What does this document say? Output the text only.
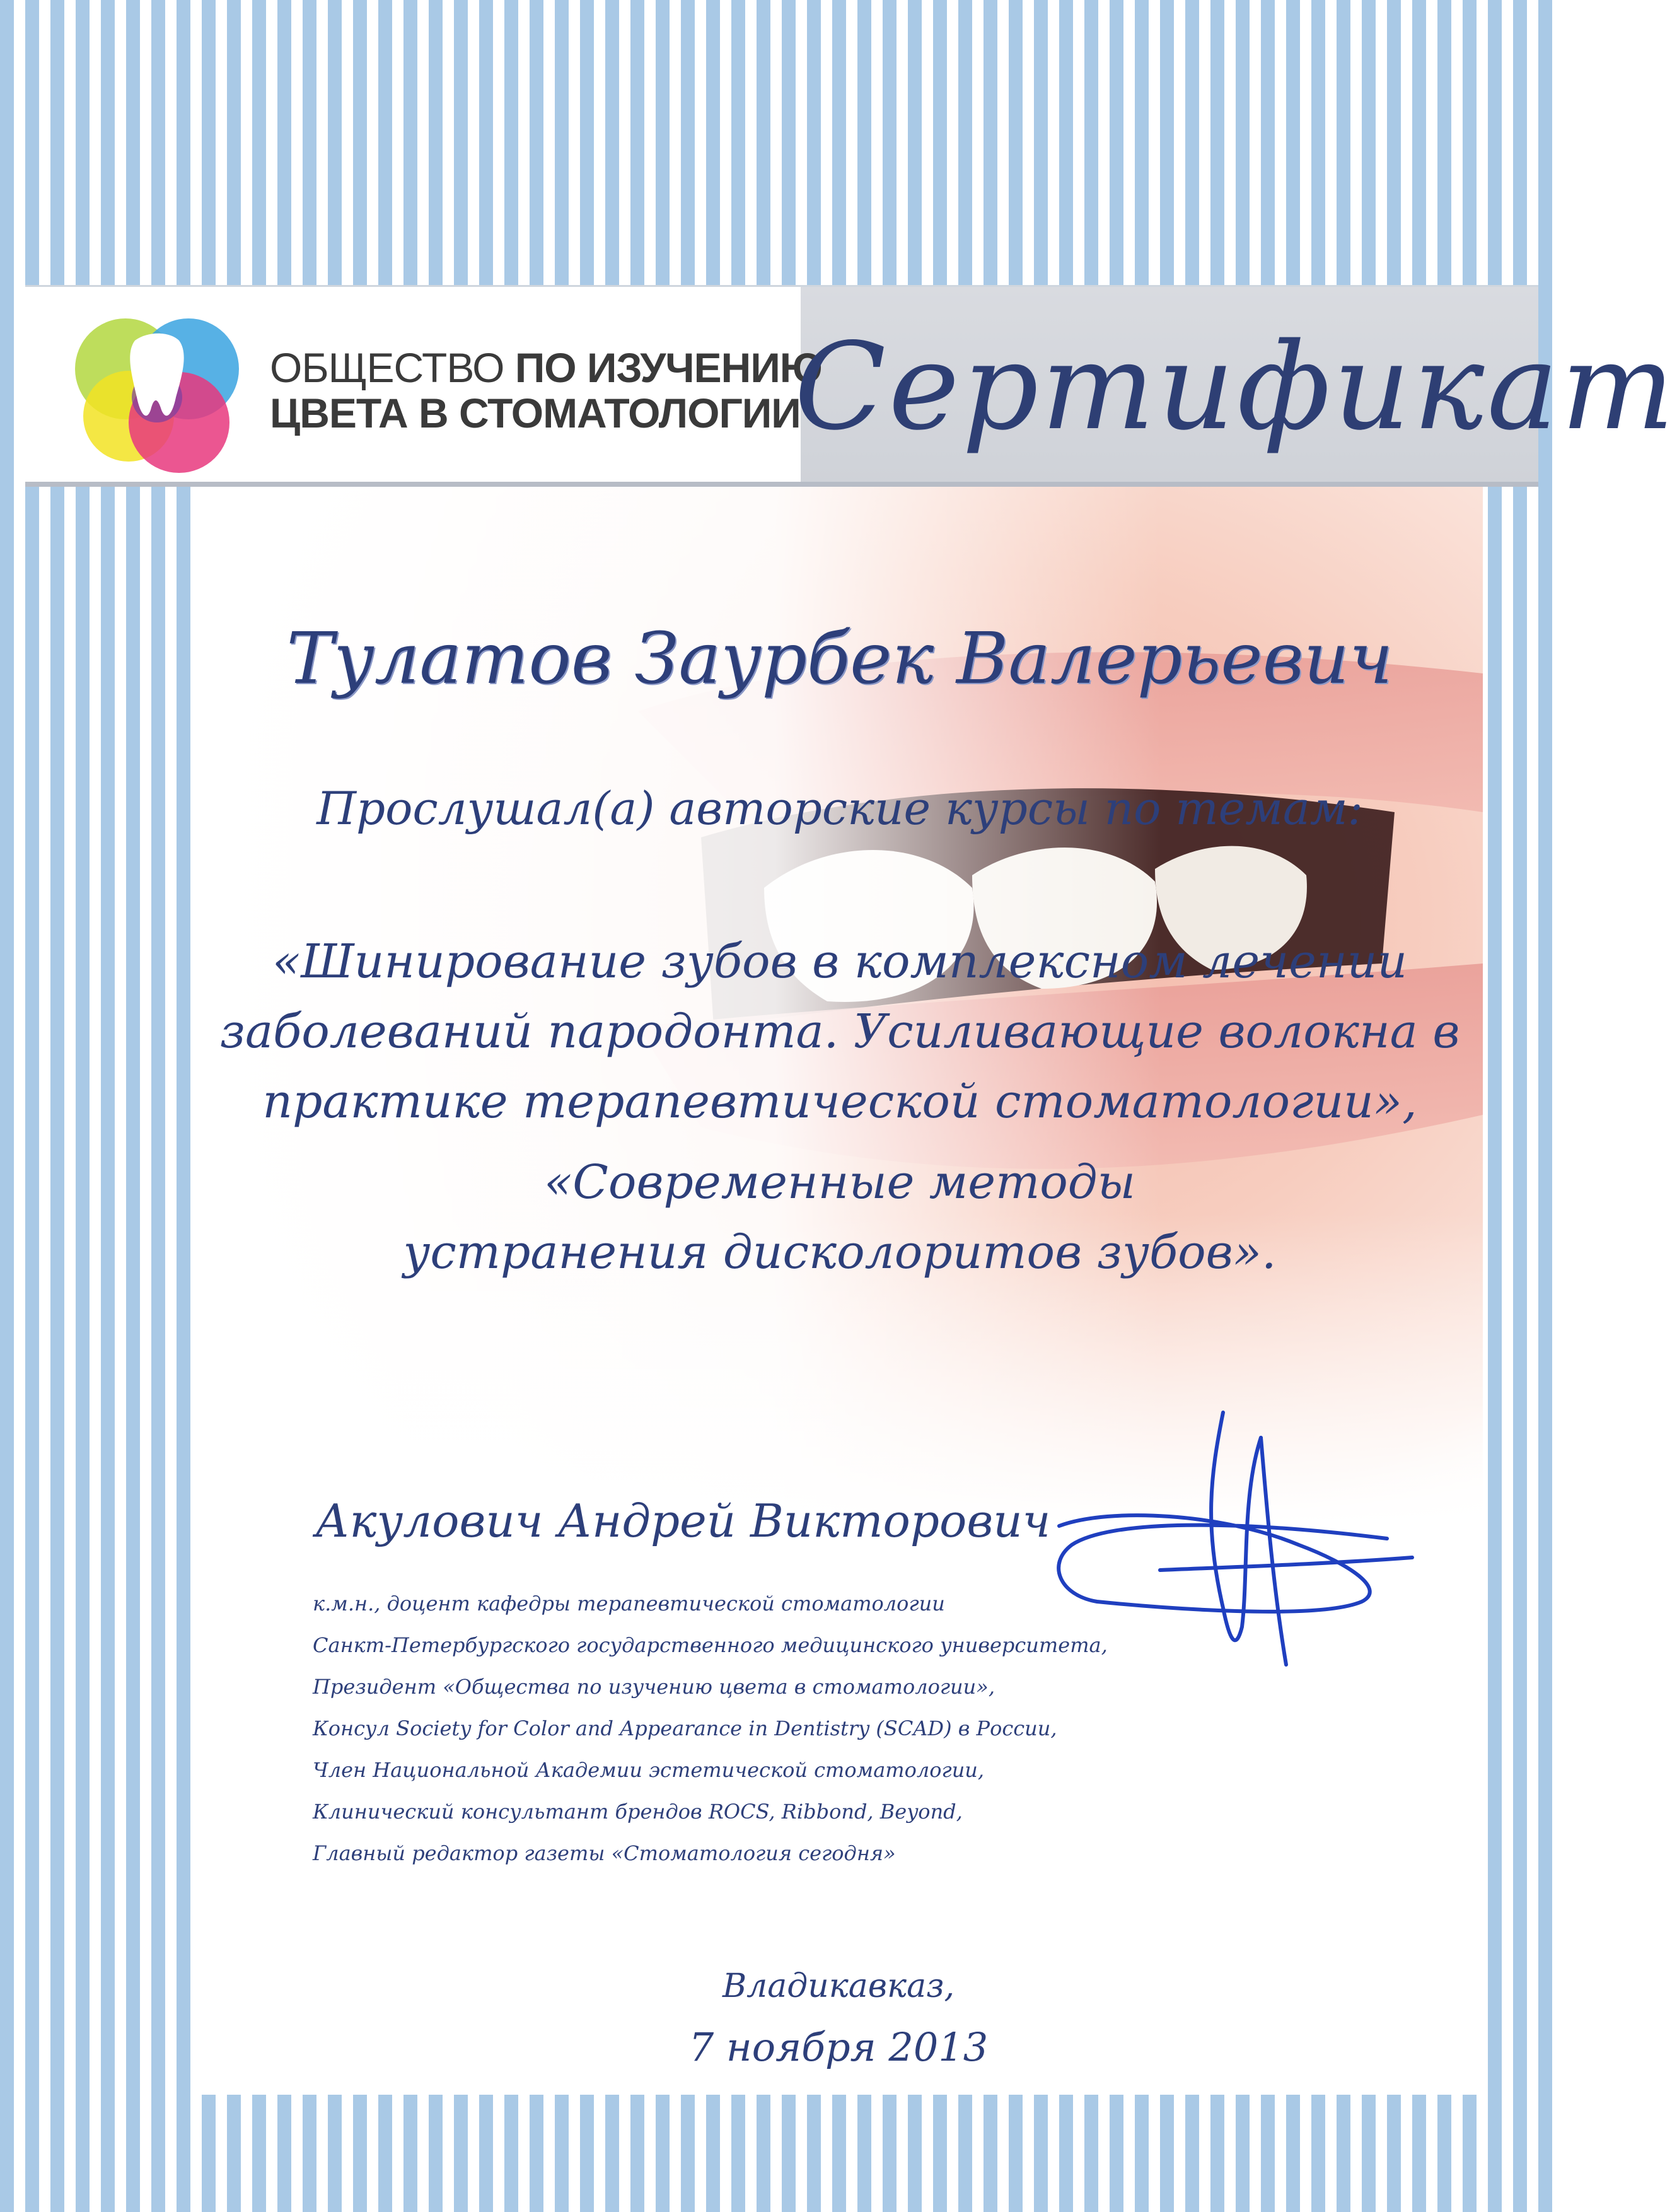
ОБЩЕСТВО ПО ИЗУЧЕНИЮ
ЦВЕТА В СТОМАТОЛОГИИ
Сертификат
Тулатов Заурбек Валерьевич
Прослушал(а) авторские курсы по темам:
«Шинирование зубов в комплексном лечении
заболеваний пародонта. Усиливающие волокна в
практике терапевтической стоматологии»,
«Современные методы
устранения дисколоритов зубов».
Акулович Андрей Викторович
к.м.н., доцент кафедры терапевтической стоматологии
Санкт-Петербургского государственного медицинского университета,
Президент «Общества по изучению цвета в стоматологии»,
Консул Society for Color and Appearance in Dentistry (SCAD) в России,
Член Национальной Академии эстетической стоматологии,
Клинический консультант брендов ROCS, Ribbond, Beyond,
Главный редактор газеты «Стоматология сегодня»
Владикавказ,
7 ноября 2013
